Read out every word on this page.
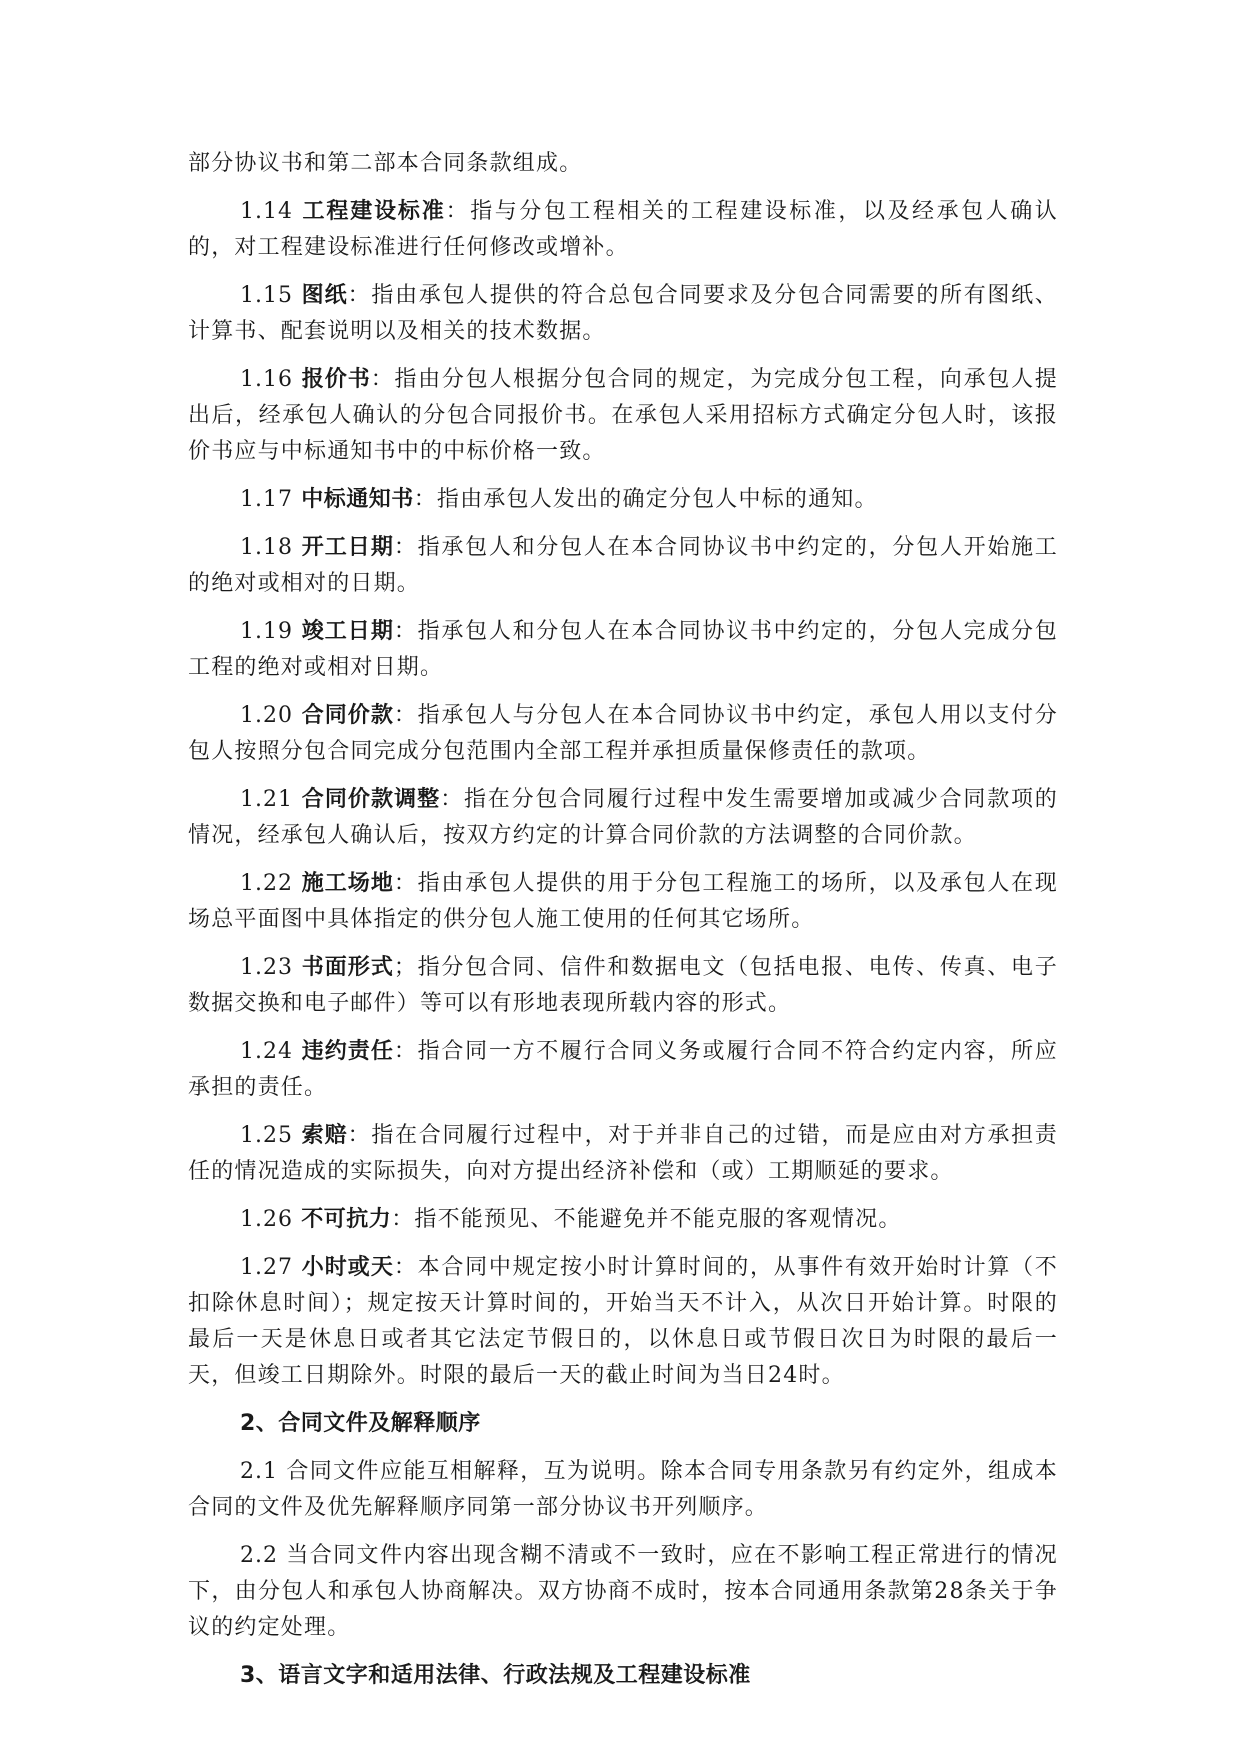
部分协议书和第二部本合同条款组成。

1.14 工程建设标准：指与分包工程相关的工程建设标准，以及经承包人确认的，对工程建设标准进行任何修改或增补。

1.15 图纸：指由承包人提供的符合总包合同要求及分包合同需要的所有图纸、计算书、配套说明以及相关的技术数据。

1.16 报价书：指由分包人根据分包合同的规定，为完成分包工程，向承包人提出后，经承包人确认的分包合同报价书。在承包人采用招标方式确定分包人时，该报价书应与中标通知书中的中标价格一致。

1.17 中标通知书：指由承包人发出的确定分包人中标的通知。

1.18 开工日期：指承包人和分包人在本合同协议书中约定的，分包人开始施工的绝对或相对的日期。

1.19 竣工日期：指承包人和分包人在本合同协议书中约定的，分包人完成分包工程的绝对或相对日期。

1.20 合同价款：指承包人与分包人在本合同协议书中约定，承包人用以支付分包人按照分包合同完成分包范围内全部工程并承担质量保修责任的款项。

1.21 合同价款调整：指在分包合同履行过程中发生需要增加或减少合同款项的情况，经承包人确认后，按双方约定的计算合同价款的方法调整的合同价款。

1.22 施工场地：指由承包人提供的用于分包工程施工的场所，以及承包人在现场总平面图中具体指定的供分包人施工使用的任何其它场所。

1.23 书面形式；指分包合同、信件和数据电文（包括电报、电传、传真、电子数据交换和电子邮件）等可以有形地表现所载内容的形式。

1.24 违约责任：指合同一方不履行合同义务或履行合同不符合约定内容，所应承担的责任。

1.25 索赔：指在合同履行过程中，对于并非自己的过错，而是应由对方承担责任的情况造成的实际损失，向对方提出经济补偿和（或）工期顺延的要求。

1.26 不可抗力：指不能预见、不能避免并不能克服的客观情况。

1.27 小时或天：本合同中规定按小时计算时间的，从事件有效开始时计算（不扣除休息时间）；规定按天计算时间的，开始当天不计入，从次日开始计算。时限的最后一天是休息日或者其它法定节假日的，以休息日或节假日次日为时限的最后一天，但竣工日期除外。时限的最后一天的截止时间为当日24时。

2、合同文件及解释顺序

2.1 合同文件应能互相解释，互为说明。除本合同专用条款另有约定外，组成本合同的文件及优先解释顺序同第一部分协议书开列顺序。

2.2 当合同文件内容出现含糊不清或不一致时，应在不影响工程正常进行的情况下，由分包人和承包人协商解决。双方协商不成时，按本合同通用条款第28条关于争议的约定处理。

3、语言文字和适用法律、行政法规及工程建设标准
